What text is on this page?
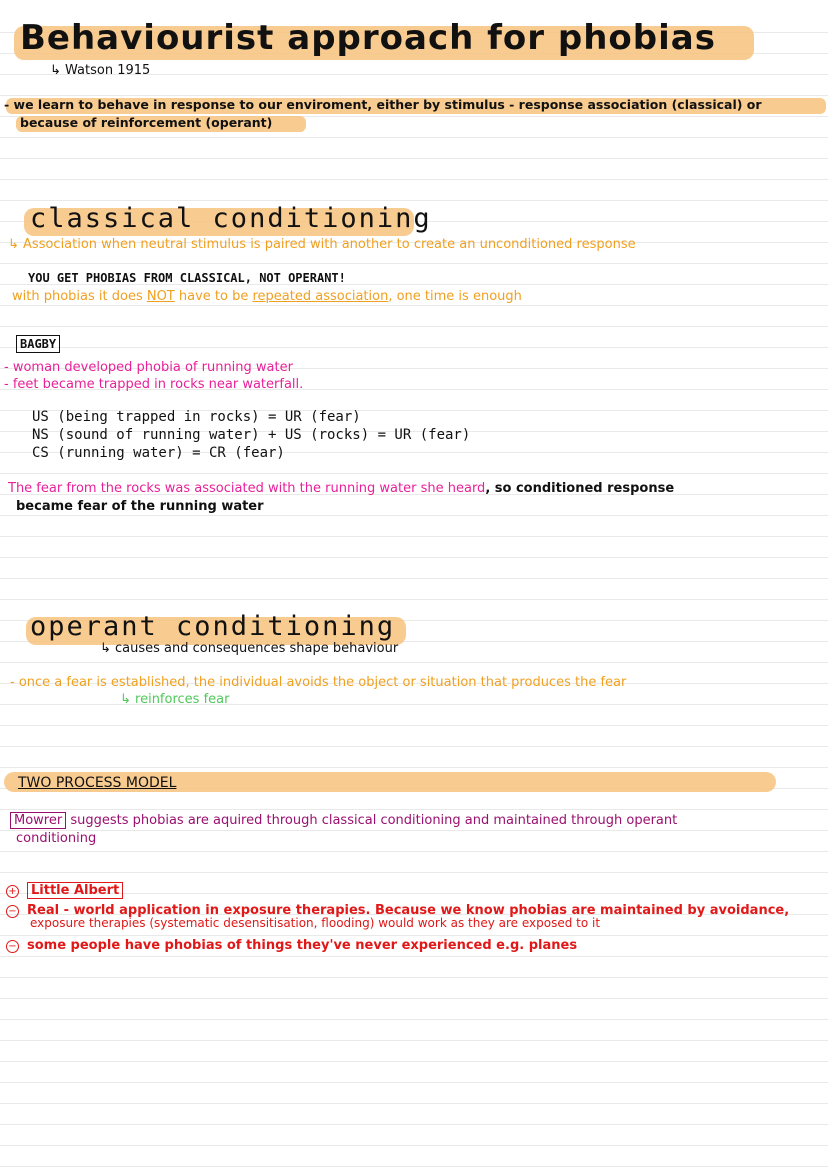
Behaviourist approach for phobias
↳ Watson 1915
- we learn to behave in response to our enviroment, either by stimulus - response association (classical) or
because of reinforcement (operant)
classical conditioning
↳ Association when neutral stimulus is paired with another to create an unconditioned response
YOU GET PHOBIAS FROM CLASSICAL, NOT OPERANT!
with phobias it does NOT have to be repeated association, one time is enough
BAGBY
- woman developed phobia of running water
- feet became trapped in rocks near waterfall.
US (being trapped in rocks) = UR (fear)
NS (sound of running water) + US (rocks) = UR (fear)
CS (running water) = CR (fear)
The fear from the rocks was associated with the running water she heard, so conditioned response
became fear of the running water
operant conditioning
↳ causes and consequences shape behaviour
- once a fear is established, the individual avoids the object or situation that produces the fear
↳ reinforces fear
TWO PROCESS MODEL
Mowrer suggests phobias are aquired through classical conditioning and maintained through operant
conditioning
+ Little Albert
− Real - world application in exposure therapies. Because we know phobias are maintained by avoidance,
exposure therapies (systematic desensitisation, flooding) would work as they are exposed to it
− some people have phobias of things they've never experienced e.g. planes
